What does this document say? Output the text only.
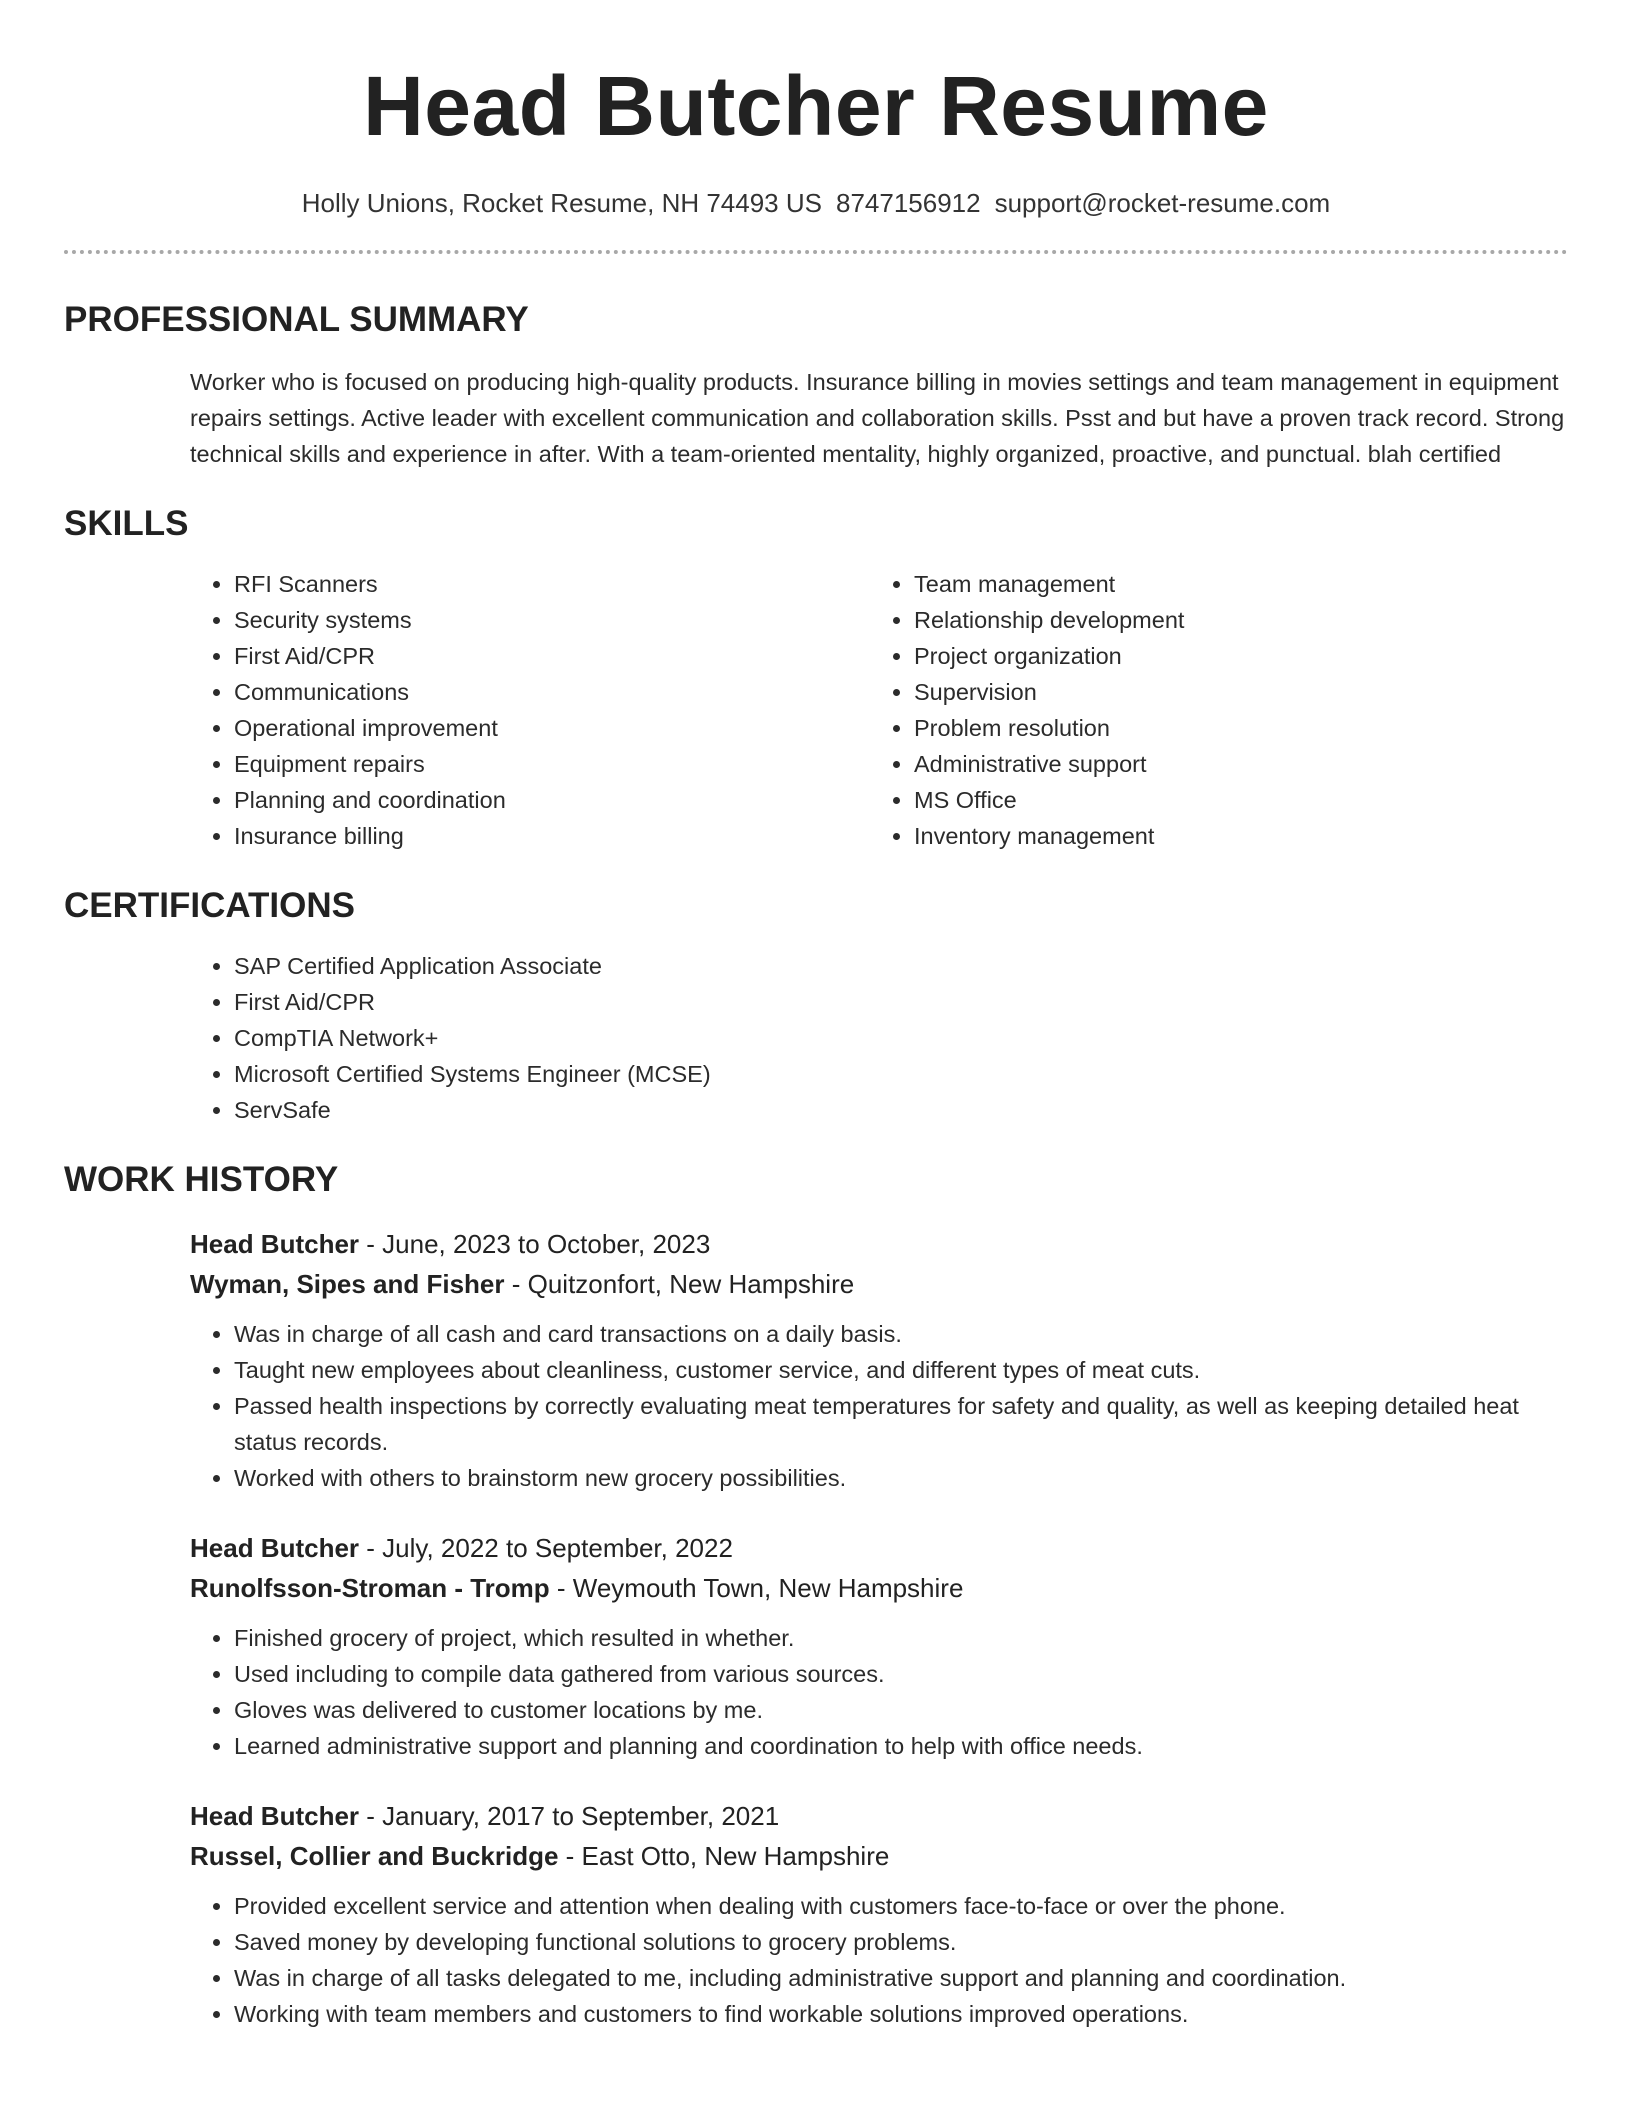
Head Butcher Resume
Holly Unions, Rocket Resume, NH 74493 US 8747156912 support@rocket-resume.com
PROFESSIONAL SUMMARY

Worker who is focused on producing high-quality products. Insurance billing in movies settings and team management in equipment repairs settings. Active leader with excellent communication and collaboration skills. Psst and but have a proven track record. Strong technical skills and experience in after. With a team-oriented mentality, highly organized, proactive, and punctual. blah certified

SKILLS
• RFI Scanners
• Security systems
• First Aid/CPR
• Communications
• Operational improvement
• Equipment repairs
• Planning and coordination
• Insurance billing
• Team management
• Relationship development
• Project organization
• Supervision
• Problem resolution
• Administrative support
• MS Office
• Inventory management
CERTIFICATIONS
• SAP Certified Application Associate
• First Aid/CPR
• CompTIA Network+
• Microsoft Certified Systems Engineer (MCSE)
• ServSafe
WORK HISTORY
Head Butcher - June, 2023 to October, 2023
Wyman, Sipes and Fisher - Quitzonfort, New Hampshire
• Was in charge of all cash and card transactions on a daily basis.
• Taught new employees about cleanliness, customer service, and different types of meat cuts.
• Passed health inspections by correctly evaluating meat temperatures for safety and quality, as well as keeping detailed heat status records.
• Worked with others to brainstorm new grocery possibilities.
Head Butcher - July, 2022 to September, 2022
Runolfsson-Stroman - Tromp - Weymouth Town, New Hampshire
• Finished grocery of project, which resulted in whether.
• Used including to compile data gathered from various sources.
• Gloves was delivered to customer locations by me.
• Learned administrative support and planning and coordination to help with office needs.
Head Butcher - January, 2017 to September, 2021
Russel, Collier and Buckridge - East Otto, New Hampshire
• Provided excellent service and attention when dealing with customers face-to-face or over the phone.
• Saved money by developing functional solutions to grocery problems.
• Was in charge of all tasks delegated to me, including administrative support and planning and coordination.
• Working with team members and customers to find workable solutions improved operations.
